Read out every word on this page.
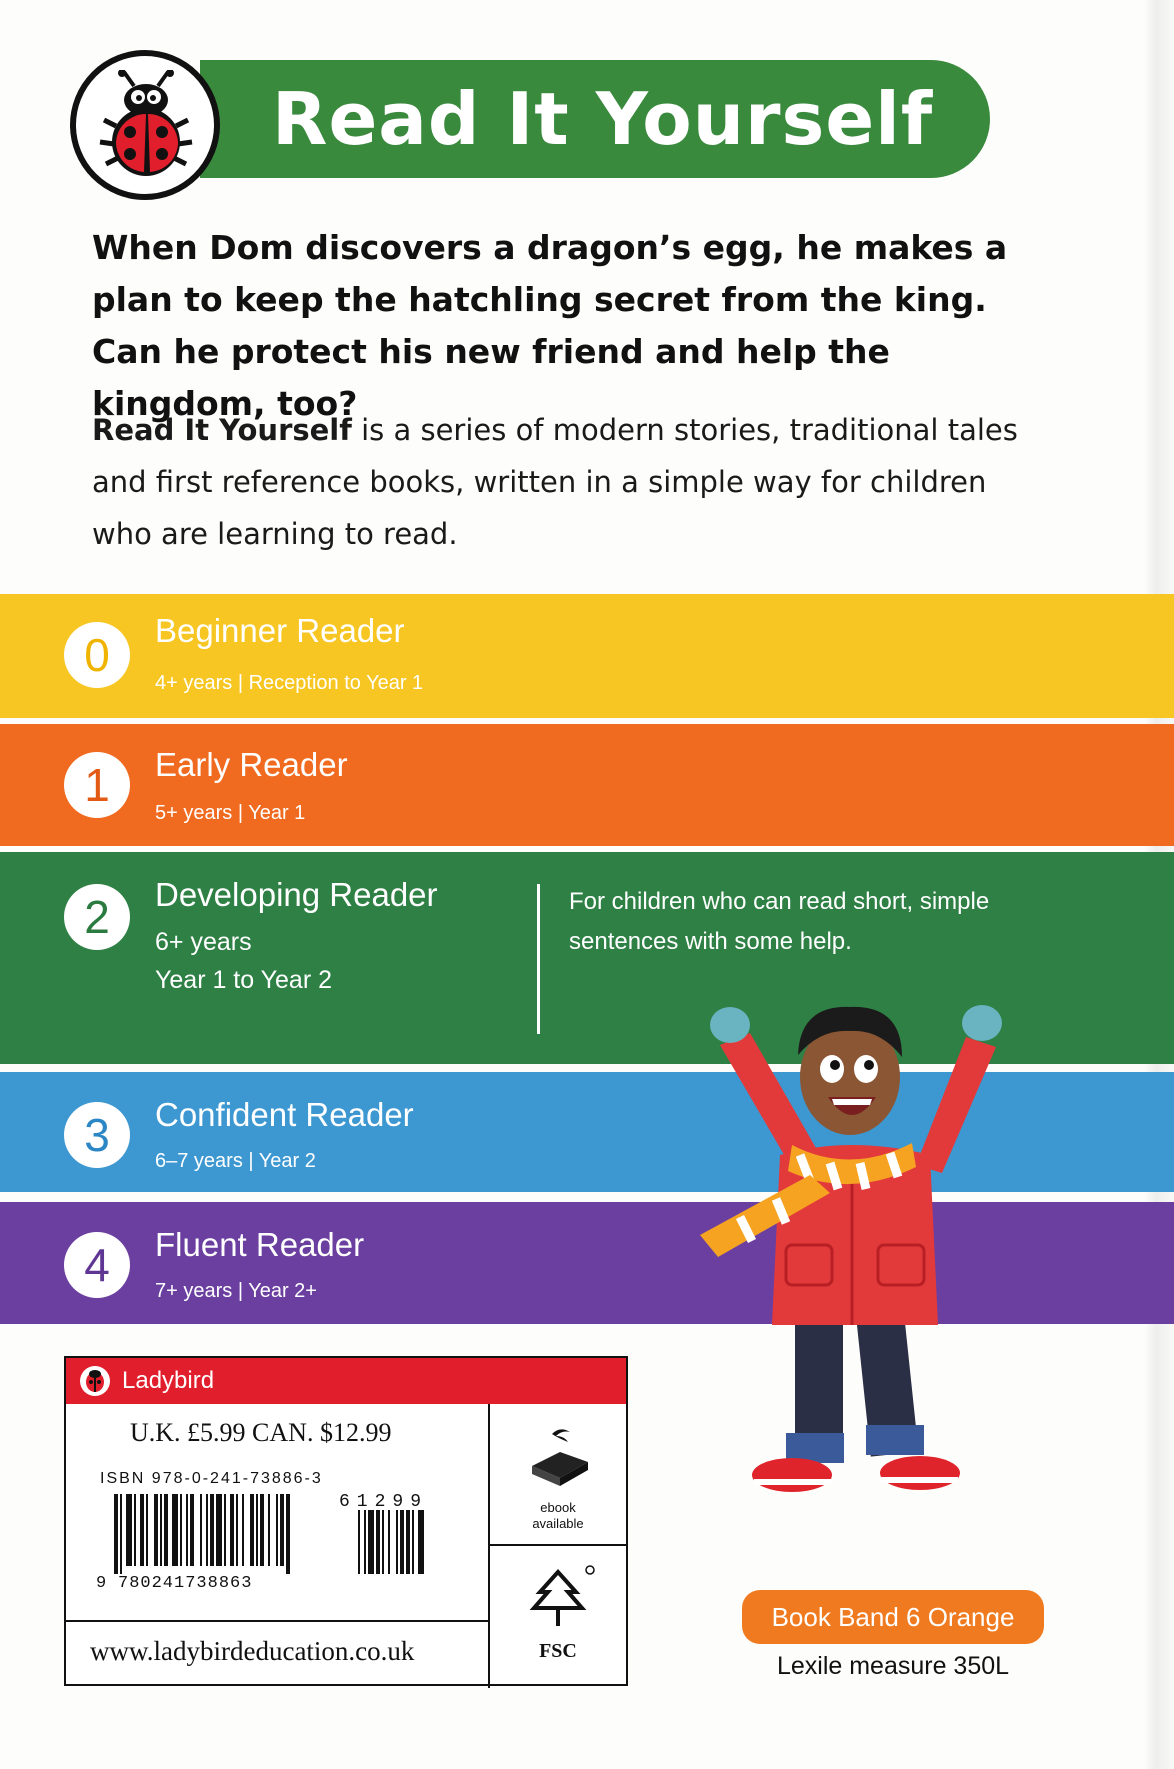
Read It Yourself
When Dom discovers a dragon’s egg, he makes a plan to keep the hatchling secret from the king. Can he protect his new friend and help the kingdom, too?
Read It Yourself is a series of modern stories, traditional tales and first reference books, written in a simple way for children who are learning to read.
0	Beginner Reader
4+ years | Reception to Year 1
1	Early Reader
5+ years | Year 1
2	Developing Reader
6+ years
Year 1 to Year 2
For children who can read short, simple sentences with some help.
3	Confident Reader
6–7 years | Year 2
4	Fluent Reader
7+ years | Year 2+
Ladybird
U.K. £5.99 CAN. $12.99
ISBN 978-0-241-73886-3
9 780241738863
61299	ebook
available
FSC
www.ladybirdeducation.co.uk
Book Band 6 Orange
Lexile measure 350L
